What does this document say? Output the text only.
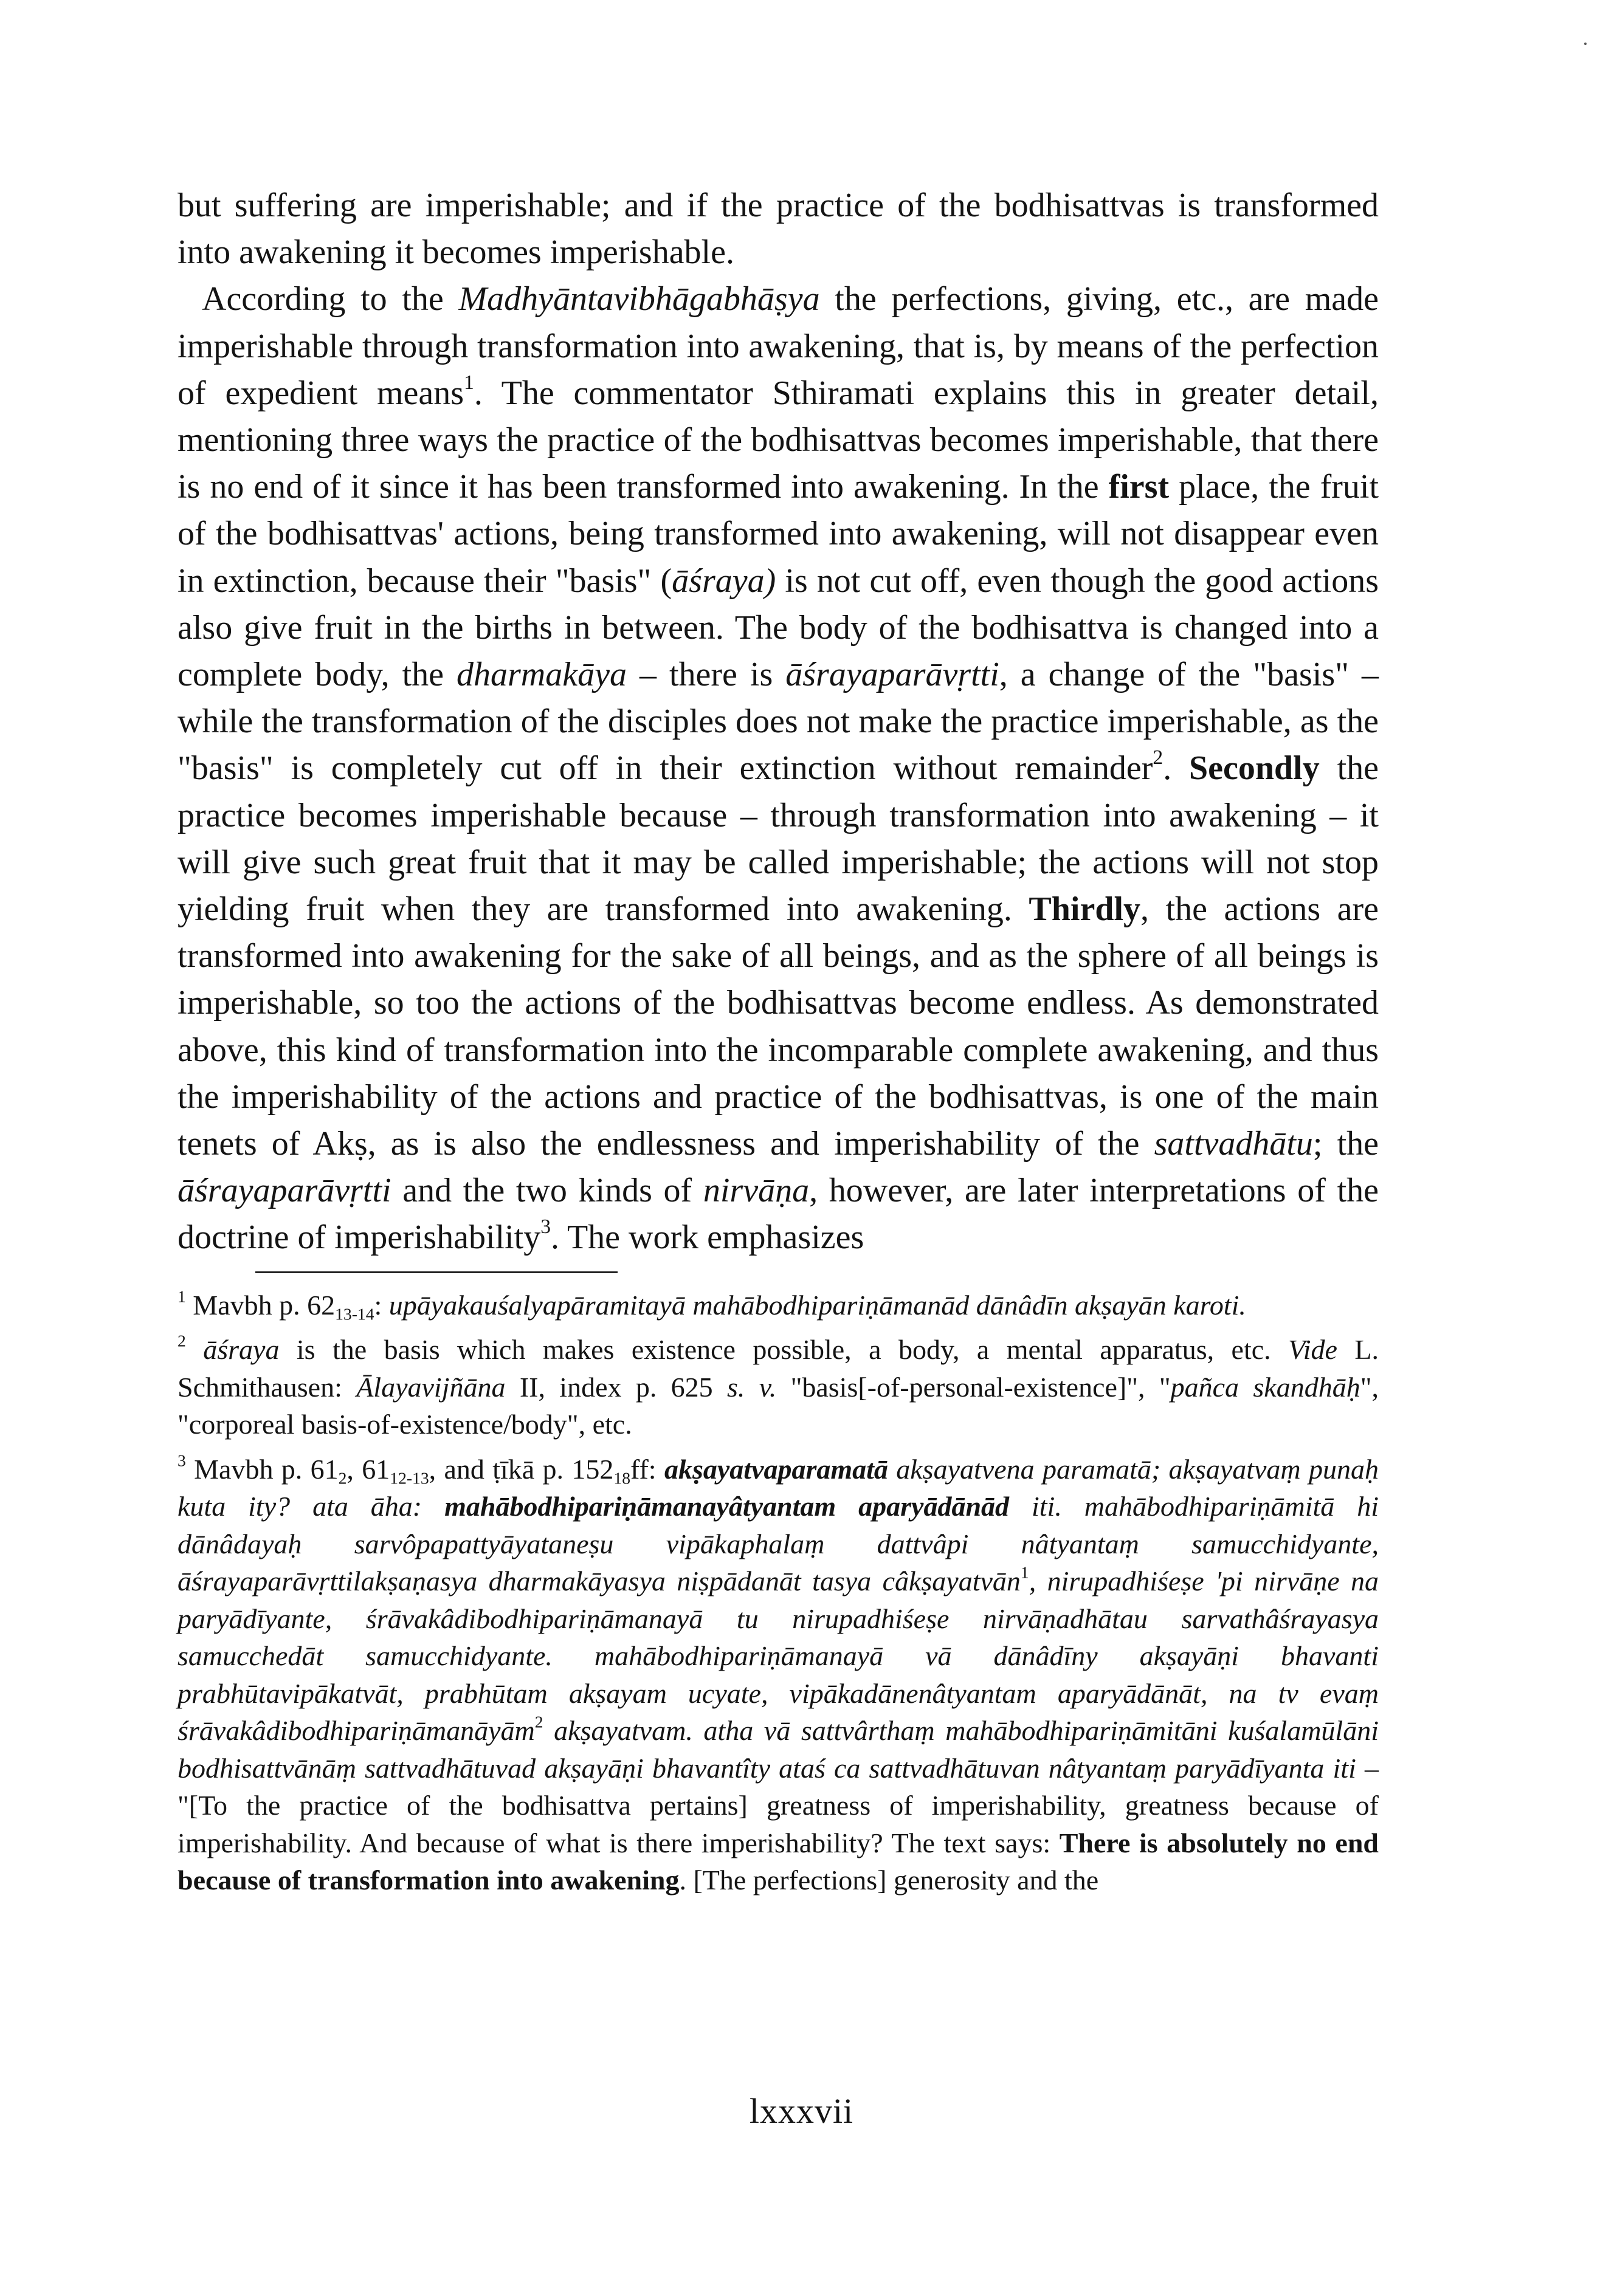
but suffering are imperishable; and if the practice of the bodhisattvas is transformed into awakening it becomes imperishable.

According to the Madhyāntavibhāgabhāṣya the perfections, giving, etc., are made imperishable through transformation into awakening, that is, by means of the perfection of expedient means$^1$. The commentator Sthiramati explains this in greater detail, mentioning three ways the practice of the bodhisattvas becomes imperishable, that there is no end of it since it has been transformed into awakening. In the first place, the fruit of the bodhisattvas' actions, being transformed into awakening, will not disappear even in extinction, because their "basis" (āśraya) is not cut off, even though the good actions also give fruit in the births in between. The body of the bodhisattva is changed into a complete body, the dharmakāya – there is āśrayaparāvṛtti, a change of the "basis" – while the transformation of the disciples does not make the practice imperishable, as the "basis" is completely cut off in their extinction without remainder$^2$. Secondly the practice becomes imperishable because – through transformation into awakening – it will give such great fruit that it may be called imperishable; the actions will not stop yielding fruit when they are transformed into awakening. Thirdly, the actions are transformed into awakening for the sake of all beings, and as the sphere of all beings is imperishable, so too the actions of the bodhisattvas become endless. As demonstrated above, this kind of transformation into the incomparable complete awakening, and thus the imperishability of the actions and practice of the bodhisattvas, is one of the main tenets of Akṣ, as is also the endlessness and imperishability of the sattvadhātu; the āśrayaparāvṛtti and the two kinds of nirvāṇa, however, are later interpretations of the doctrine of imperishability$^3$. The work emphasizes

$^1$ Mavbh p. $62_{13-14}$: upāyakauśalyapāramitayā mahābodhipariṇāmanād dānâdīn akṣayān karoti.

$^2$ āśraya is the basis which makes existence possible, a body, a mental apparatus, etc. Vide L. Schmithausen: Ālayavijñāna II, index p. 625 s. v. "basis[-of-personal-existence]", "pañca skandhāḥ", "corporeal basis-of-existence/body", etc.

$^3$ Mavbh p. $61_2$, $61_{12-13}$, and ṭīkā p. $152_{18}ff$: akṣayatvaparamatā akṣayatvena paramatā; akṣayatvaṃ punaḥ kuta ity? ata āha: mahābodhipariṇāmanayâtyantam aparyādānād iti. mahābodhipariṇāmitā hi dānâdayaḥ sarvôpapattyāyataneṣu vipākaphalaṃ dattvâpi nâtyantaṃ samucchidyante, āśrayaparāvṛttilakṣaṇasya dharmakāyasya niṣpādanāt tasya câkṣayatvān$^1$, nirupadhiśeṣe 'pi nirvāṇe na paryādīyante, śrāvakâdibodhipariṇāmanayā tu nirupadhiśeṣe nirvāṇadhātau sarvathâśrayasya samucchedāt samucchidyante. mahābodhipariṇāmanayā vā dānâdīny akṣayāṇi bhavanti prabhūtavipākatvāt, prabhūtam akṣayam ucyate, vipākadānenâtyantam aparyādānāt, na tv evaṃ śrāvakâdibodhipariṇāmanāyām$^2$ akṣayatvam. atha vā sattvârthaṃ mahābodhipariṇāmitāni kuśalamūlāni bodhisattvānāṃ sattvadhātuvad akṣayāṇi bhavantîty ataś ca sattvadhātuvan nâtyantaṃ paryādīyanta iti – "[To the practice of the bodhisattva pertains] greatness of imperishability, greatness because of imperishability. And because of what is there imperishability? The text says: There is absolutely no end because of transformation into awakening. [The perfections] generosity and the

lxxxvii
